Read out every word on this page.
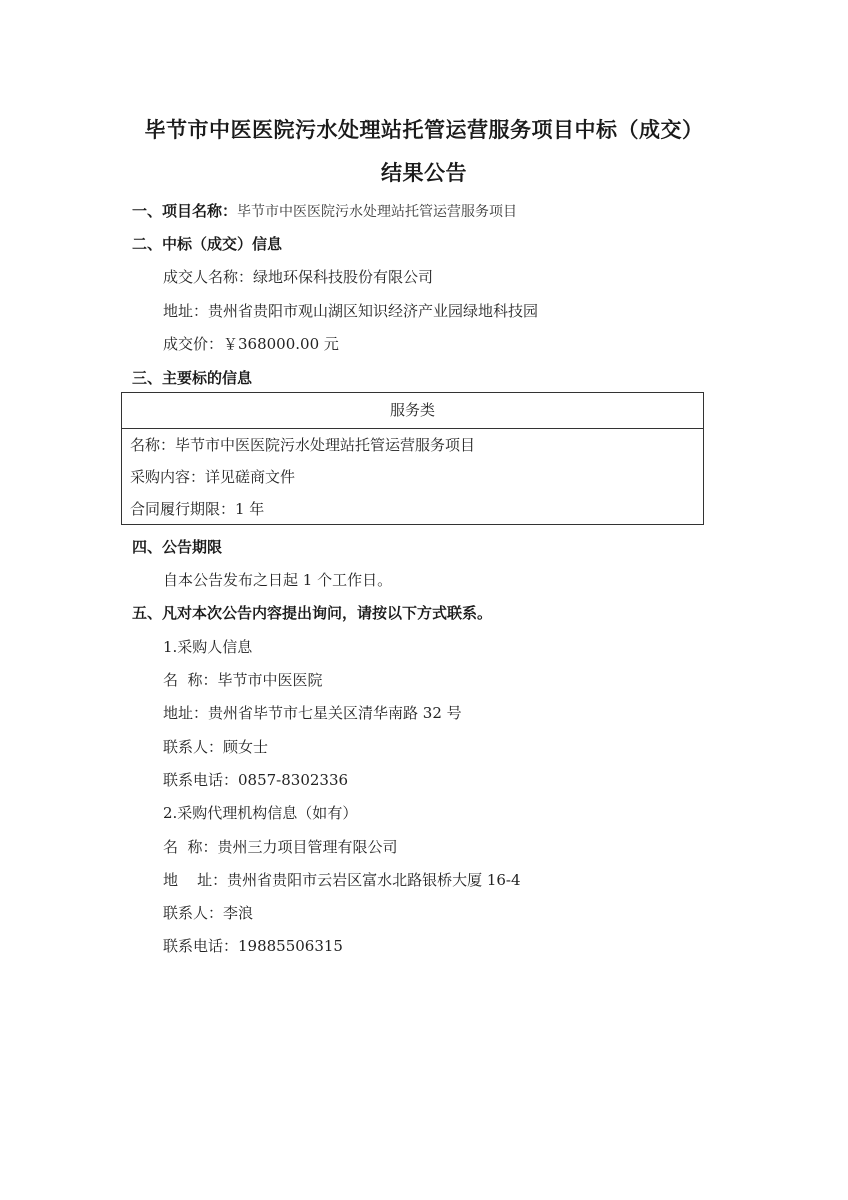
毕节市中医医院污水处理站托管运营服务项目中标（成交）
结果公告
一、项目名称：毕节市中医医院污水处理站托管运营服务项目
二、中标（成交）信息
成交人名称：绿地环保科技股份有限公司
地址：贵州省贵阳市观山湖区知识经济产业园绿地科技园
成交价：￥368000.00 元
三、主要标的信息
服务类
名称：毕节市中医医院污水处理站托管运营服务项目
采购内容：详见磋商文件
合同履行期限：1 年
四、公告期限
自本公告发布之日起 1 个工作日。
五、凡对本次公告内容提出询问，请按以下方式联系。
1.采购人信息
名  称：毕节市中医医院
地址：贵州省毕节市七星关区清华南路 32 号
联系人：顾女士
联系电话：0857-8302336
2.采购代理机构信息（如有）
名  称：贵州三力项目管理有限公司
地    址：贵州省贵阳市云岩区富水北路银桥大厦 16-4
联系人：李浪
联系电话：19885506315
